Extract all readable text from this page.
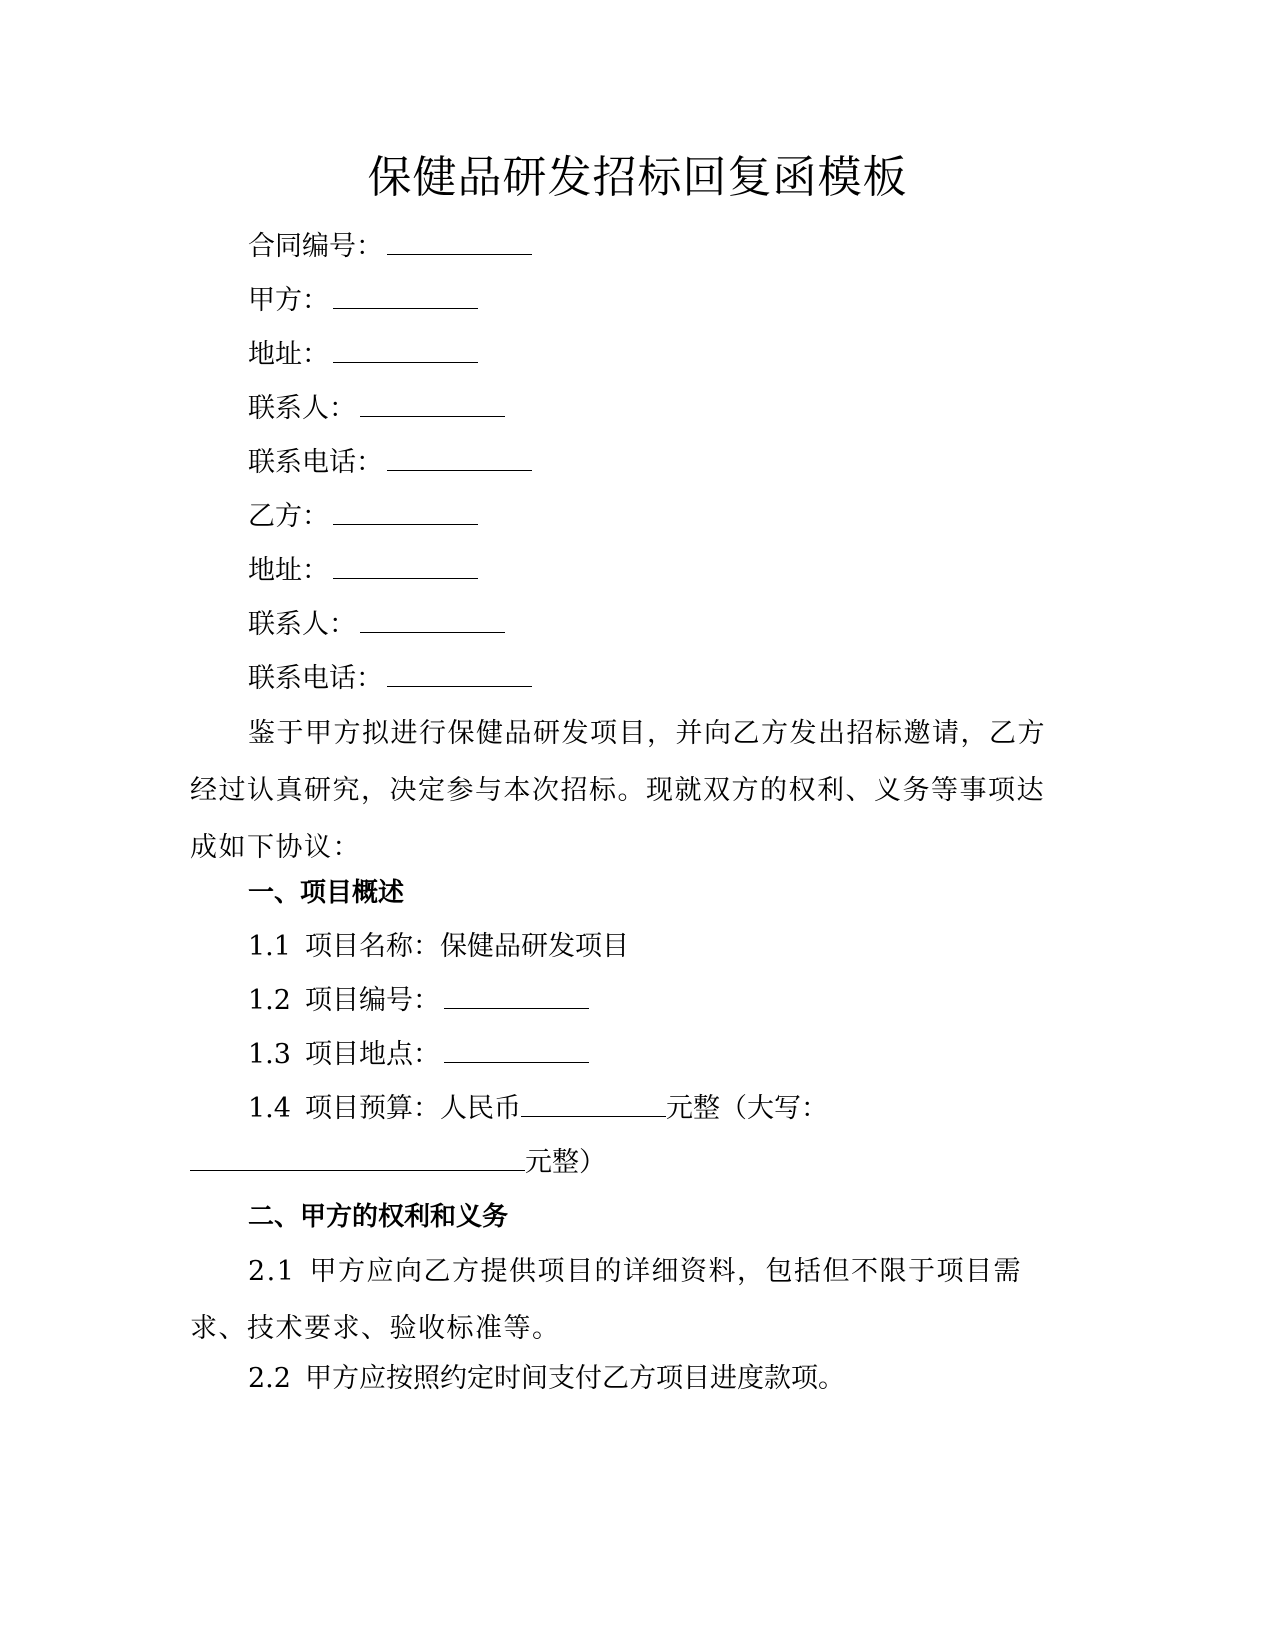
保健品研发招标回复函模板
合同编号：
甲方：
地址：
联系人：
联系电话：
乙方：
地址：
联系人：
联系电话：

鉴于甲方拟进行保健品研发项目，并向乙方发出招标邀请，乙方经过认真研究，决定参与本次招标。现就双方的权利、义务等事项达成如下协议：

一、项目概述
1.1 项目名称：保健品研发项目
1.2 项目编号：
1.3 项目地点：
1.4 项目预算：人民币	元整（大写：
元整）
二、甲方的权利和义务

2.1 甲方应向乙方提供项目的详细资料，包括但不限于项目需求、技术要求、验收标准等。

2.2 甲方应按照约定时间支付乙方项目进度款项。
